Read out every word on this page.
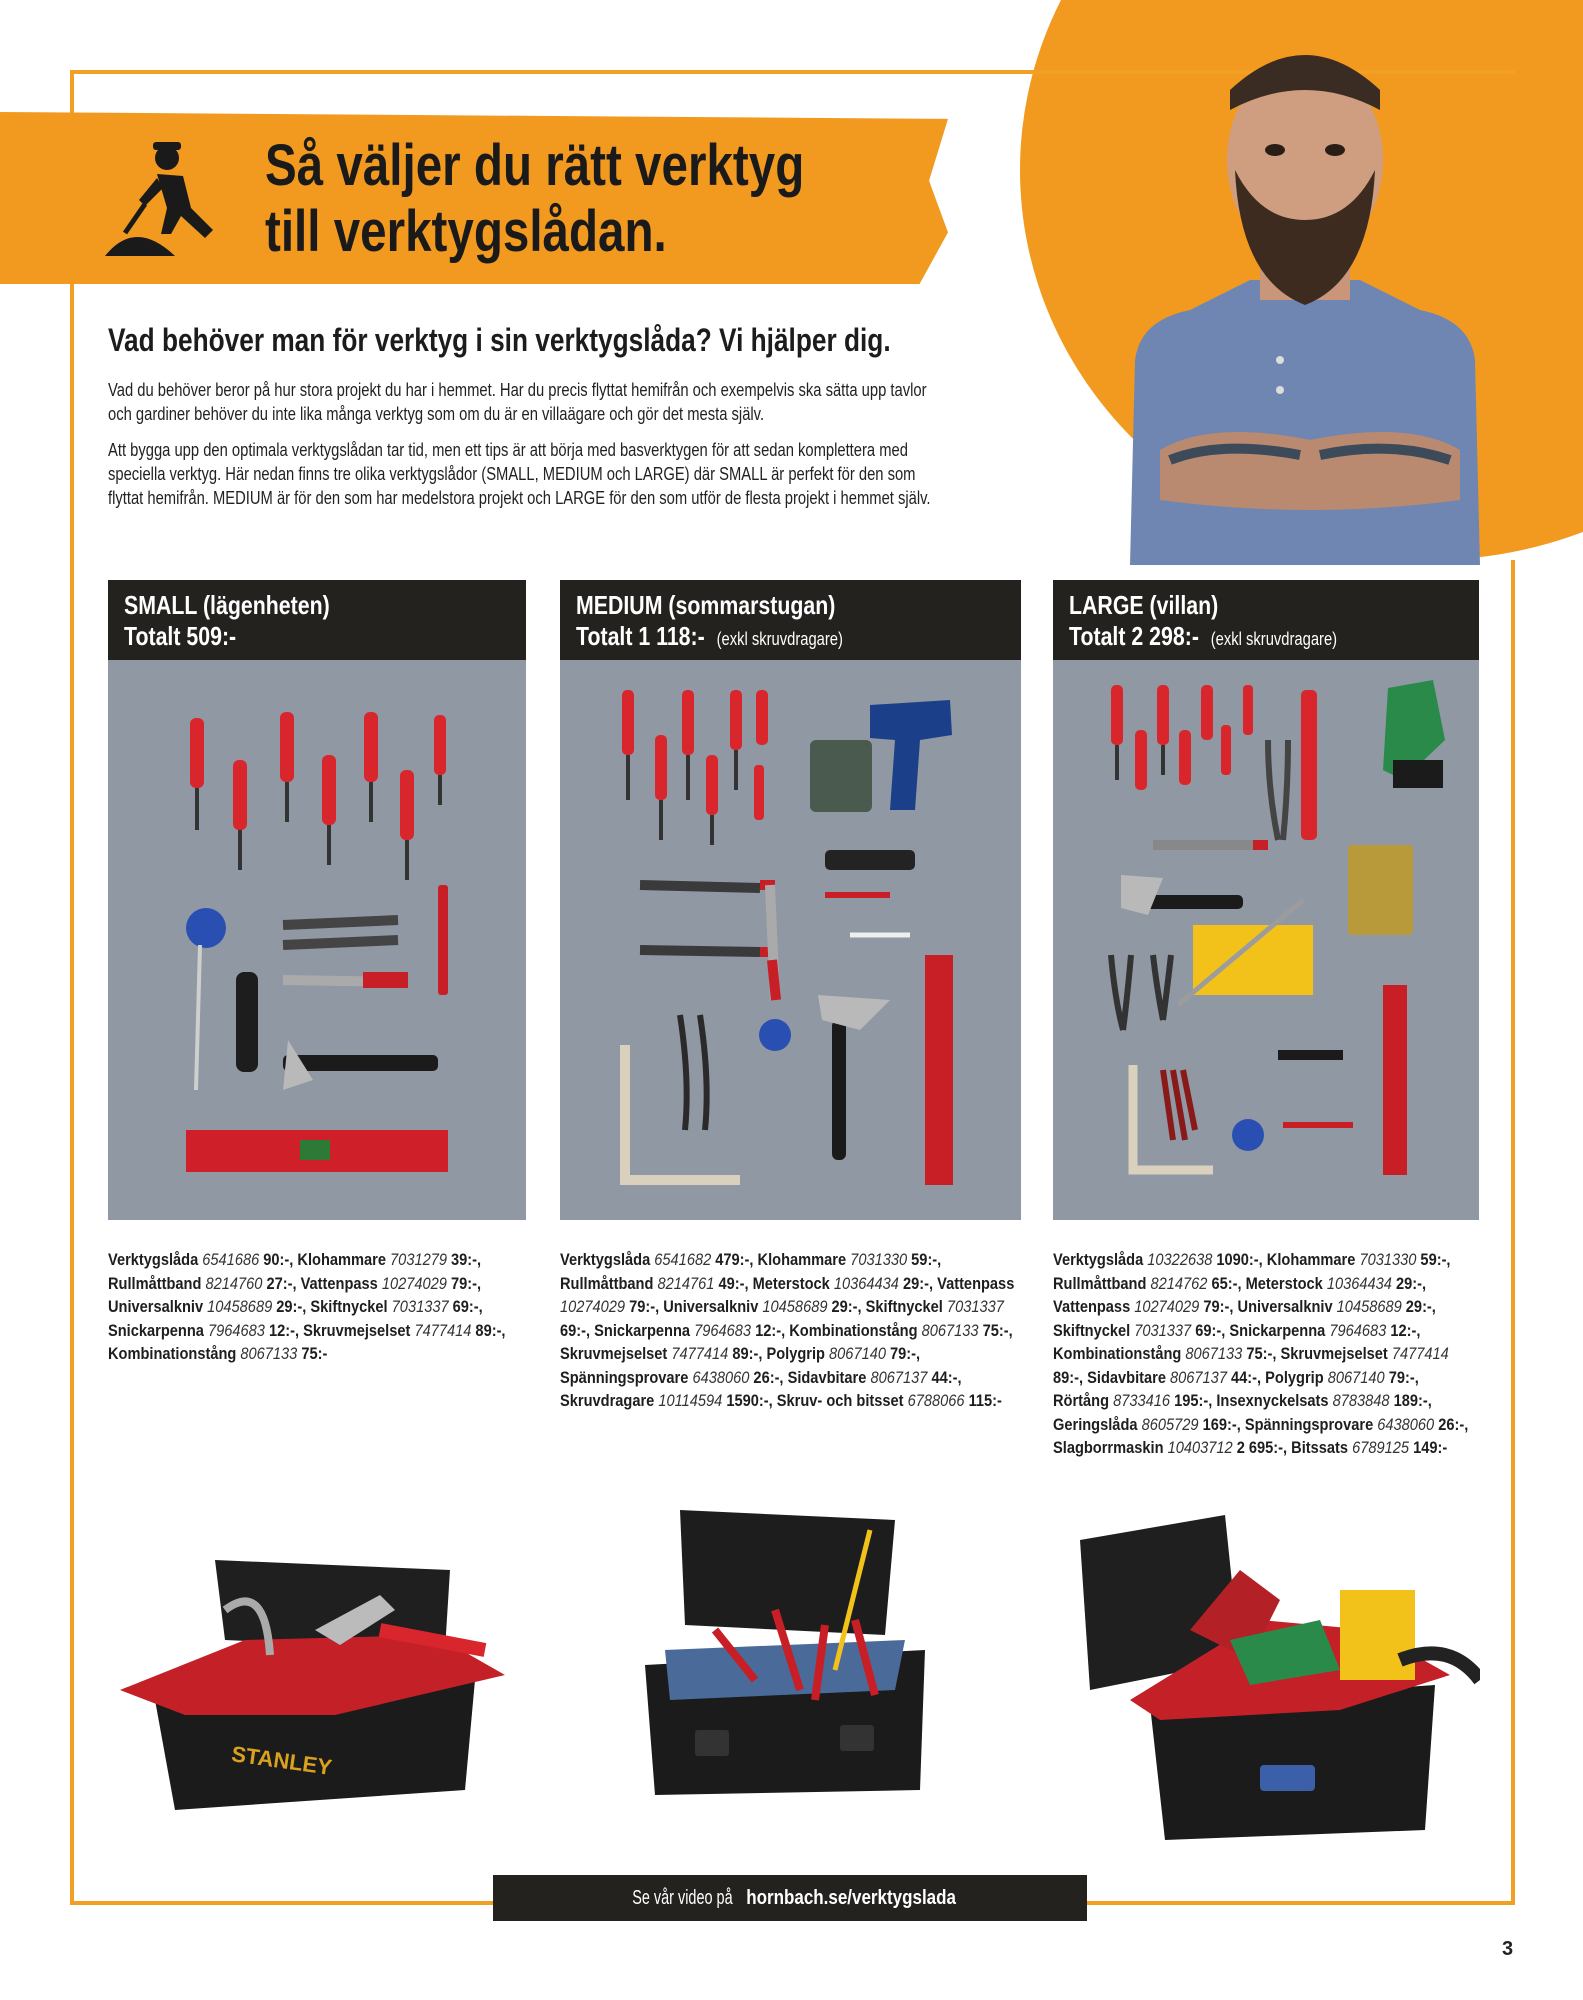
Så väljer du rätt verktyg
till verktygslådan.
Vad behöver man för verktyg i sin verktygslåda? Vi hjälper dig.

Vad du behöver beror på hur stora projekt du har i hemmet. Har du precis flyttat hemifrån och exempelvis ska sätta upp tavlor och gardiner behöver du inte lika många verktyg som om du är en villaägare och gör det mesta själv.

Att bygga upp den optimala verktygslådan tar tid, men ett tips är att börja med basverktygen för att sedan komplettera med speciella verktyg. Här nedan finns tre olika verktygslådor (SMALL, MEDIUM och LARGE) där SMALL är perfekt för den som flyttat hemifrån. MEDIUM är för den som har medelstora projekt och LARGE för den som utför de flesta projekt i hemmet själv.

SMALL (lägenheten)
Totalt 509:-
Verktygslåda 6541686 90:-, Klohammare 7031279 39:-, Rullmåttband 8214760 27:-, Vattenpass 10274029 79:-, Universalkniv 10458689 29:-, Skiftnyckel 7031337 69:-, Snickarpenna 7964683 12:-, Skruvmejselset 7477414 89:-, Kombinationstång 8067133 75:-
MEDIUM (sommarstugan)
Totalt 1 118:- (exkl skruvdragare)
Verktygslåda 6541682 479:-, Klohammare 7031330 59:-, Rullmåttband 8214761 49:-, Meterstock 10364434 29:-, Vattenpass 10274029 79:-, Universalkniv 10458689 29:-, Skiftnyckel 7031337 69:-, Snickarpenna 7964683 12:-, Kombinationstång 8067133 75:-, Skruvmejselset 7477414 89:-, Polygrip 8067140 79:-, Spänningsprovare 6438060 26:-, Sidavbitare 8067137 44:-, Skruvdragare 10114594 1590:-, Skruv- och bitsset 6788066 115:-
LARGE (villan)
Totalt 2 298:- (exkl skruvdragare)
Verktygslåda 10322638 1090:-, Klohammare 7031330 59:-, Rullmåttband 8214762 65:-, Meterstock 10364434 29:-, Vattenpass 10274029 79:-, Universalkniv 10458689 29:-, Skiftnyckel 7031337 69:-, Snickarpenna 7964683 12:-, Kombinationstång 8067133 75:-, Skruvmejselset 7477414 89:-, Sidavbitare 8067137 44:-, Polygrip 8067140 79:-, Rörtång 8733416 195:-, Insexnyckelsats 8783848 189:-, Geringslåda 8605729 169:-, Spänningsprovare 6438060 26:-, Slagborrmaskin 10403712 2 695:-, Bitssats 6789125 149:-
STANLEY
Se vår video på hornbach.se/verktygslada
3
